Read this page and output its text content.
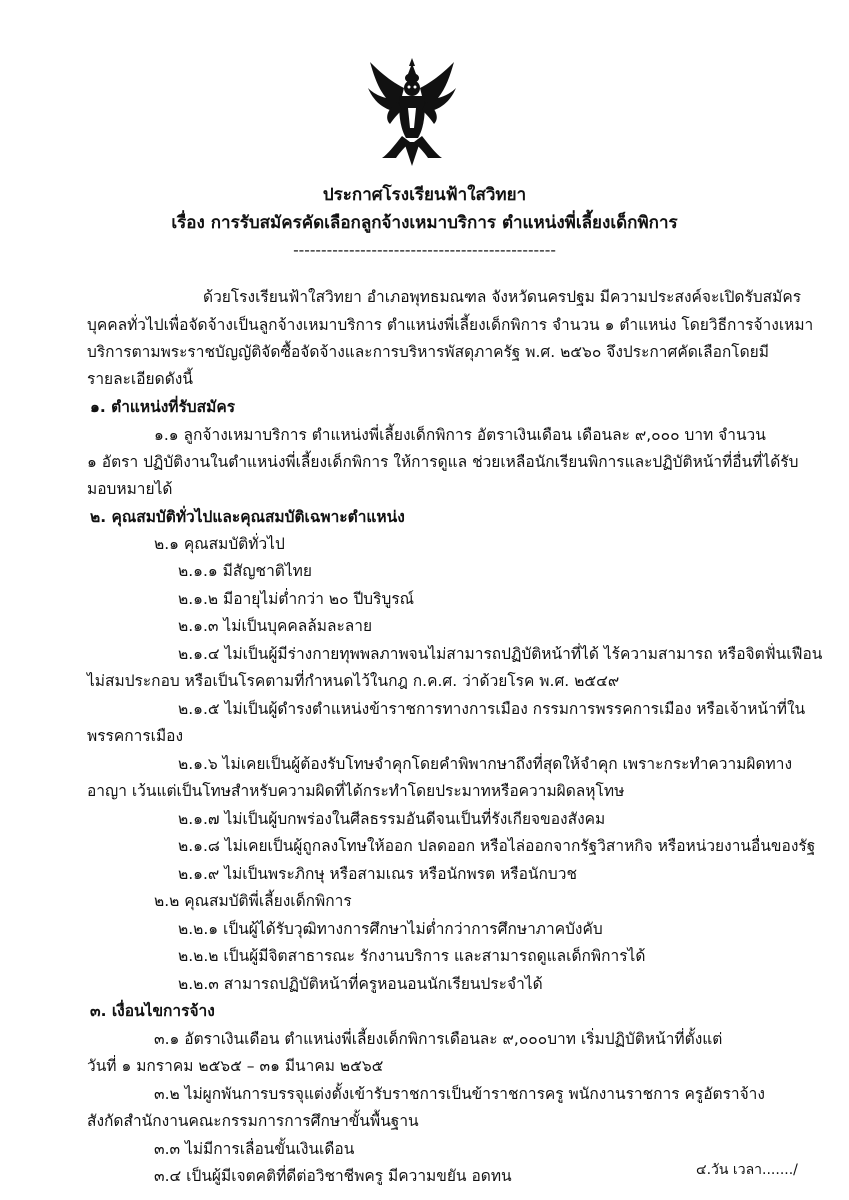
ประกาศโรงเรียนฟ้าใสวิทยา
เรื่อง การรับสมัครคัดเลือกลูกจ้างเหมาบริการ ตำแหน่งพี่เลี้ยงเด็กพิการ
-----------------------------------------------
ด้วยโรงเรียนฟ้าใสวิทยา อำเภอพุทธมณฑล จังหวัดนครปฐม มีความประสงค์จะเปิดรับสมัคร
บุคคลทั่วไปเพื่อจัดจ้างเป็นลูกจ้างเหมาบริการ ตำแหน่งพี่เลี้ยงเด็กพิการ จำนวน ๑ ตำแหน่ง โดยวิธีการจ้างเหมา
บริการตามพระราชบัญญัติจัดซื้อจัดจ้างและการบริหารพัสดุภาครัฐ พ.ศ. ๒๕๖๐ จึงประกาศคัดเลือกโดยมี
รายละเอียดดังนี้
๑. ตำแหน่งที่รับสมัคร
๑.๑ ลูกจ้างเหมาบริการ ตำแหน่งพี่เลี้ยงเด็กพิการ อัตราเงินเดือน เดือนละ ๙,๐๐๐ บาท จำนวน
๑ อัตรา ปฏิบัติงานในตำแหน่งพี่เลี้ยงเด็กพิการ ให้การดูแล ช่วยเหลือนักเรียนพิการและปฏิบัติหน้าที่อื่นที่ได้รับ
มอบหมายได้
๒. คุณสมบัติทั่วไปและคุณสมบัติเฉพาะตำแหน่ง
๒.๑ คุณสมบัติทั่วไป
๒.๑.๑ มีสัญชาติไทย
๒.๑.๒ มีอายุไม่ต่ำกว่า ๒๐ ปีบริบูรณ์
๒.๑.๓ ไม่เป็นบุคคลล้มละลาย
๒.๑.๔ ไม่เป็นผู้มีร่างกายทุพพลภาพจนไม่สามารถปฏิบัติหน้าที่ได้ ไร้ความสามารถ หรือจิตฟั่นเฟือน
ไม่สมประกอบ หรือเป็นโรคตามที่กำหนดไว้ในกฎ ก.ค.ศ. ว่าด้วยโรค พ.ศ. ๒๕๔๙
๒.๑.๕ ไม่เป็นผู้ดำรงตำแหน่งข้าราชการทางการเมือง กรรมการพรรคการเมือง หรือเจ้าหน้าที่ใน
พรรคการเมือง
๒.๑.๖ ไม่เคยเป็นผู้ต้องรับโทษจำคุกโดยคำพิพากษาถึงที่สุดให้จำคุก เพราะกระทำความผิดทาง
อาญา เว้นแต่เป็นโทษสำหรับความผิดที่ได้กระทำโดยประมาทหรือความผิดลหุโทษ
๒.๑.๗ ไม่เป็นผู้บกพร่องในศีลธรรมอันดีจนเป็นที่รังเกียจของสังคม
๒.๑.๘ ไม่เคยเป็นผู้ถูกลงโทษให้ออก ปลดออก หรือไล่ออกจากรัฐวิสาหกิจ หรือหน่วยงานอื่นของรัฐ
๒.๑.๙ ไม่เป็นพระภิกษุ หรือสามเณร หรือนักพรต หรือนักบวช
๒.๒ คุณสมบัติพี่เลี้ยงเด็กพิการ
๒.๒.๑ เป็นผู้ได้รับวุฒิทางการศึกษาไม่ต่ำกว่าการศึกษาภาคบังคับ
๒.๒.๒ เป็นผู้มีจิตสาธารณะ รักงานบริการ และสามารถดูแลเด็กพิการได้
๒.๒.๓ สามารถปฏิบัติหน้าที่ครูหอนอนนักเรียนประจำได้
๓. เงื่อนไขการจ้าง
๓.๑ อัตราเงินเดือน ตำแหน่งพี่เลี้ยงเด็กพิการเดือนละ ๙,๐๐๐บาท เริ่มปฏิบัติหน้าที่ตั้งแต่
วันที่ ๑ มกราคม ๒๕๖๕ – ๓๑ มีนาคม ๒๕๖๕
๓.๒ ไม่ผูกพันการบรรจุแต่งตั้งเข้ารับราชการเป็นข้าราชการครู พนักงานราชการ ครูอัตราจ้าง
สังกัดสำนักงานคณะกรรมการการศึกษาขั้นพื้นฐาน
๓.๓ ไม่มีการเลื่อนขั้นเงินเดือน
๓.๔ เป็นผู้มีเจตคติที่ดีต่อวิชาชีพครู มีความขยัน อดทน	๔.วัน เวลา......./
